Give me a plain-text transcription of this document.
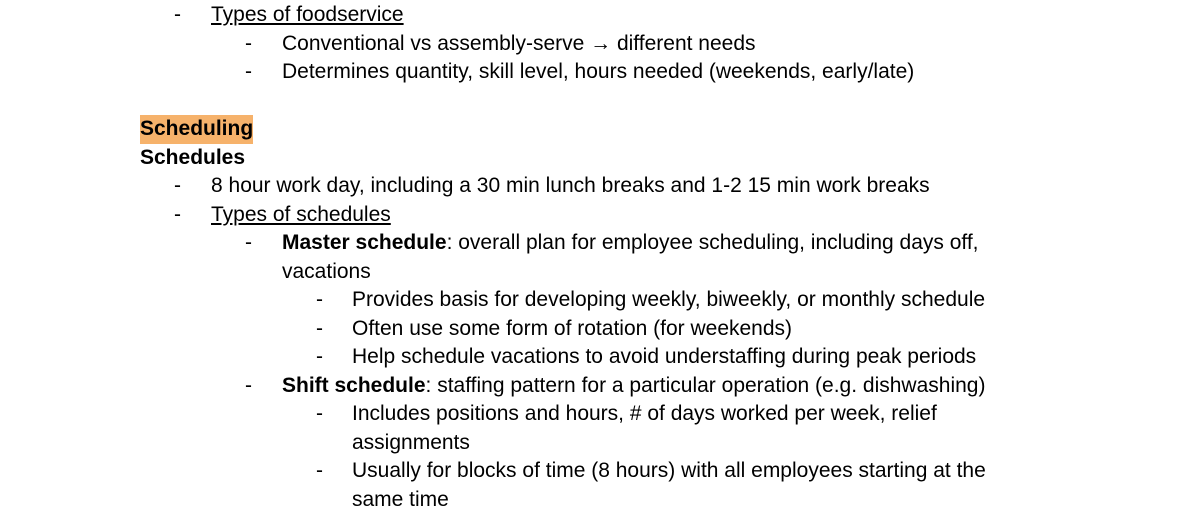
- Types of foodservice
- Conventional vs assembly-serve → different needs
- Determines quantity, skill level, hours needed (weekends, early/late)
Scheduling
Schedules
- 8 hour work day, including a 30 min lunch breaks and 1-2 15 min work breaks
- Types of schedules
- Master schedule: overall plan for employee scheduling, including days off,
vacations
- Provides basis for developing weekly, biweekly, or monthly schedule
- Often use some form of rotation (for weekends)
- Help schedule vacations to avoid understaffing during peak periods
- Shift schedule: staffing pattern for a particular operation (e.g. dishwashing)
- Includes positions and hours, # of days worked per week, relief
assignments
- Usually for blocks of time (8 hours) with all employees starting at the
same time
